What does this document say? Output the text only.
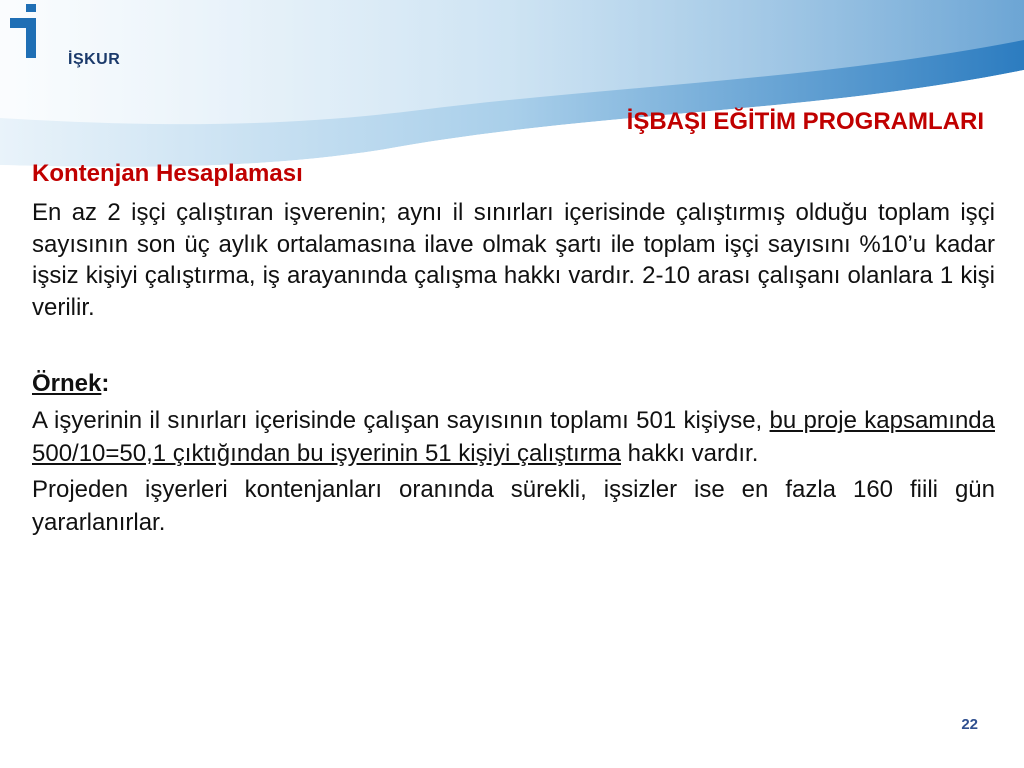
İŞKUR
İŞBAŞI EĞİTİM PROGRAMLARI
Kontenjan Hesaplaması

En az 2 işçi çalıştıran işverenin; aynı il sınırları içerisinde çalıştırmış olduğu toplam işçi sayısının son üç aylık ortalamasına ilave olmak şartı ile toplam işçi sayısını %10’u kadar işsiz kişiyi çalıştırma, iş arayanında çalışma hakkı vardır. 2-10 arası çalışanı olanlara 1 kişi verilir.

Örnek:

A işyerinin il sınırları içerisinde çalışan sayısının toplamı 501 kişiyse, bu proje kapsamında 500/10=50,1 çıktığından bu işyerinin 51 kişiyi çalıştırma hakkı vardır.

Projeden işyerleri kontenjanları oranında sürekli, işsizler ise en fazla 160 fiili gün yararlanırlar.

22
